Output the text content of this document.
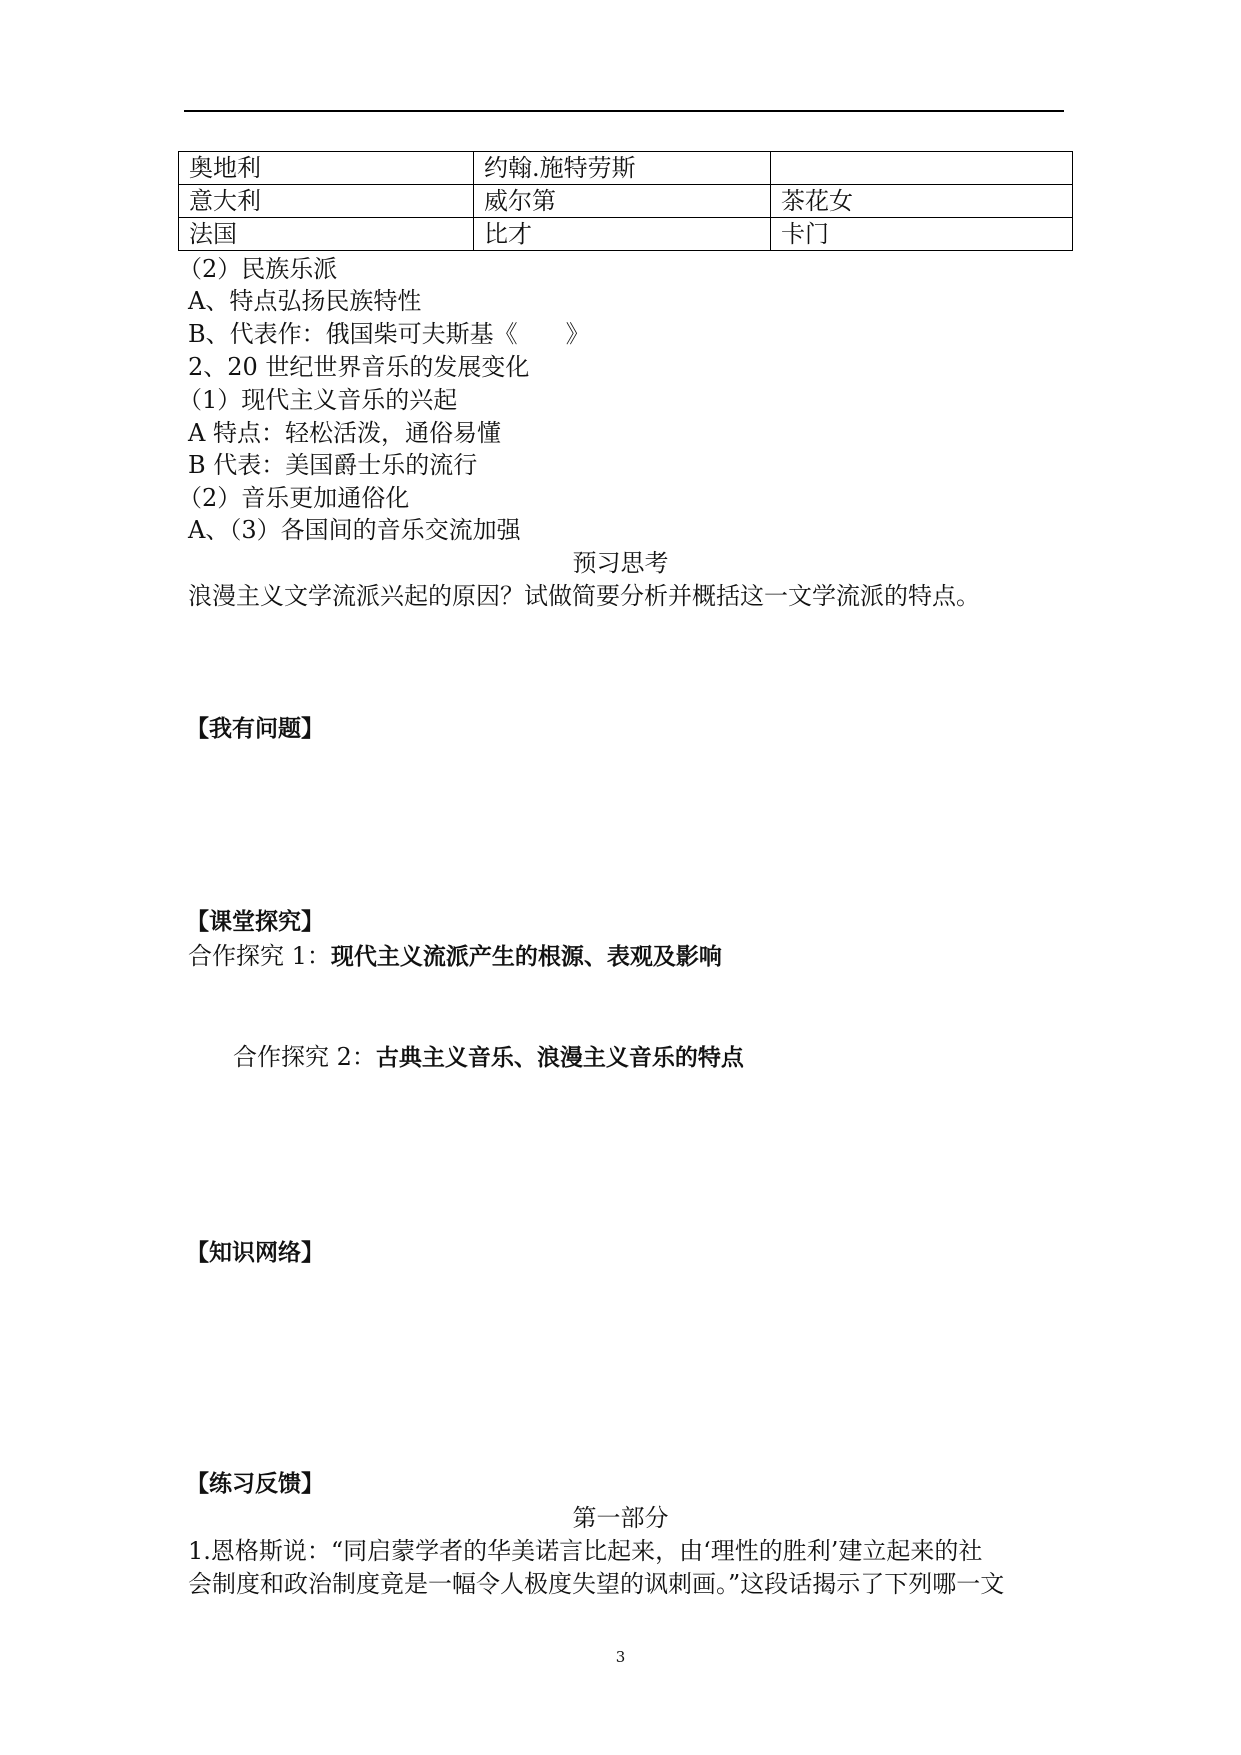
奥地利	约翰.施特劳斯	
意大利	威尔第	茶花女
法国	比才	卡门
（2）民族乐派
A、特点弘扬民族特性
B、代表作：俄国柴可夫斯基《　　》
2、20 世纪世界音乐的发展变化
（1）现代主义音乐的兴起
A 特点：轻松活泼，通俗易懂
B 代表：美国爵士乐的流行
（2）音乐更加通俗化
A、（3）各国间的音乐交流加强
预习思考
浪漫主义文学流派兴起的原因？试做简要分析并概括这一文学流派的特点。
【我有问题】
【课堂探究】
合作探究 1：现代主义流派产生的根源、表观及影响
合作探究 2：古典主义音乐、浪漫主义音乐的特点
【知识网络】
【练习反馈】
第一部分
1.恩格斯说：“同启蒙学者的华美诺言比起来，由‘理性的胜利’建立起来的社
会制度和政治制度竟是一幅令人极度失望的讽刺画。”这段话揭示了下列哪一文
3
